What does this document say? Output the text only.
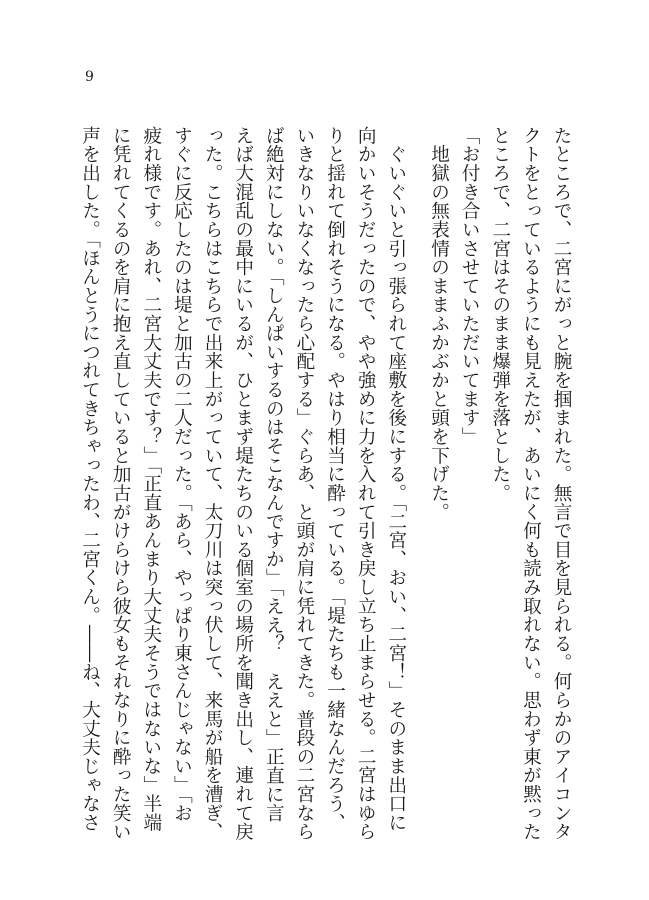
9
たところで、二宮にがっと腕を掴まれた。無言で目を見られる。何らかのアイコンタ
クトをとっているようにも見えたが、あいにく何も読み取れない。思わず東が黙った
ところで、二宮はそのまま爆弾を落とした。
「お付き合いさせていただいてます」
　地獄の無表情のままふかぶかと頭を下げた。
　ぐいぐいと引っ張られて座敷を後にする。「二宮、おい、二宮！」そのまま出口に
向かいそうだったので、やや強めに力を入れて引き戻し立ち止まらせる。二宮はゆら
りと揺れて倒れそうになる。やはり相当に酔っている。「堤たちも一緒なんだろう、
いきなりいなくなったら心配する」ぐらあ、と頭が肩に凭れてきた。普段の二宮なら
ば絶対にしない。「しんぱいするのはそこなんですか」「ええ？　ええと」正直に言
えば大混乱の最中にいるが、ひとまず堤たちのいる個室の場所を聞き出し、連れて戻
った。こちらはこちらで出来上がっていて、太刀川は突っ伏して、来馬が船を漕ぎ、
すぐに反応したのは堤と加古の二人だった。「あら、やっぱり東さんじゃない」「お
疲れ様です。あれ、二宮大丈夫です？」「正直あんまり大丈夫そうではないな」半端
に凭れてくるのを肩に抱え直していると加古がけらけら彼女もそれなりに酔った笑い
声を出した。「ほんとうにつれてきちゃったわ、二宮くん。――ね、大丈夫じゃなさ
